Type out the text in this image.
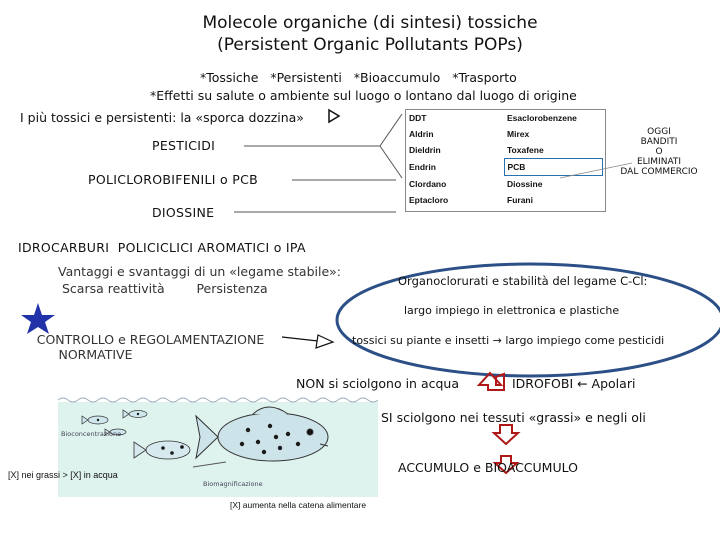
Molecole organiche (di sintesi) tossiche
(Persistent Organic Pollutants POPs)
*Tossiche   *Persistenti   *Bioaccumulo   *Trasporto
*Effetti su salute o ambiente sul luogo o lontano dal luogo di origine
I più tossici e persistenti: la «sporca dozzina»	DDT	Esaclorobenzene
Aldrin	Mirex
Dieldrin	Toxafene
Endrin	PCB
Clordano	Diossine
Eptacloro	Furani
OGGI
BANDITI
O
ELIMINATI
DAL COMMERCIO
PESTICIDI
POLICLOROBIFENILI o PCB
DIOSSINE
IDROCARBURI  POLICICLICI AROMATICI o IPA
Vantaggi e svantaggi di un «legame stabile»:
Scarsa reattività        Persistenza	Organoclorurati e stabilità del legame C-Cl:
largo impiego in elettronica e plastiche
tossici su piante e insetti → largo impiego come pesticidi
CONTROLLO e REGOLAMENTAZIONE
NORMATIVE
NON si sciolgono in acqua	IDROFOBI ← Apolari
SI sciolgono nei tessuti «grassi» e negli oli
ACCUMULO e BIOACCUMULO
Bioconcentrazione
Biomagnificazione
[X] nei grassi > [X] in acqua
[X] aumenta nella catena alimentare
